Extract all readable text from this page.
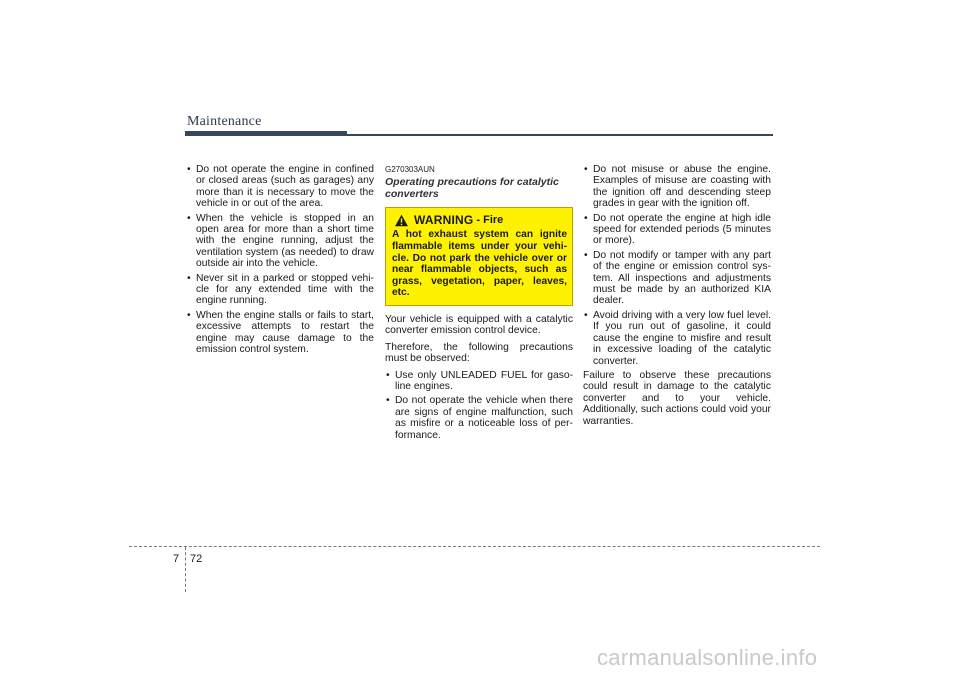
Maintenance
• Do not operate the engine in confined or closed areas (such as garages) any more than it is necessary to move the vehicle in or out of the area.
• When the vehicle is stopped in an open area for more than a short time with the engine running, adjust the ventilation system (as needed) to draw outside air into the vehicle.
• Never sit in a parked or stopped vehi-cle for any extended time with the engine running.
• When the engine stalls or fails to start, excessive attempts to restart the engine may cause damage to the emission control system.
G270303AUN
Operating precautions for catalytic converters
WARNING - Fire
A hot exhaust system can ignite flammable items under your vehi-cle. Do not park the vehicle over or near flammable objects, such as grass, vegetation, paper, leaves, etc.

Your vehicle is equipped with a catalytic converter emission control device.

Therefore, the following precautions must be observed:

• Use only UNLEADED FUEL for gaso-line engines.
• Do not operate the vehicle when there are signs of engine malfunction, such as misfire or a noticeable loss of per-formance.
• Do not misuse or abuse the engine. Examples of misuse are coasting with the ignition off and descending steep grades in gear with the ignition off.
• Do not operate the engine at high idle speed for extended periods (5 minutes or more).
• Do not modify or tamper with any part of the engine or emission control sys-tem. All inspections and adjustments must be made by an authorized KIA dealer.
• Avoid driving with a very low fuel level. If you run out of gasoline, it could cause the engine to misfire and result in excessive loading of the catalytic converter.

Failure to observe these precautions could result in damage to the catalytic converter and to your vehicle. Additionally, such actions could void your warranties.

7 72
carmanualsonline.info
